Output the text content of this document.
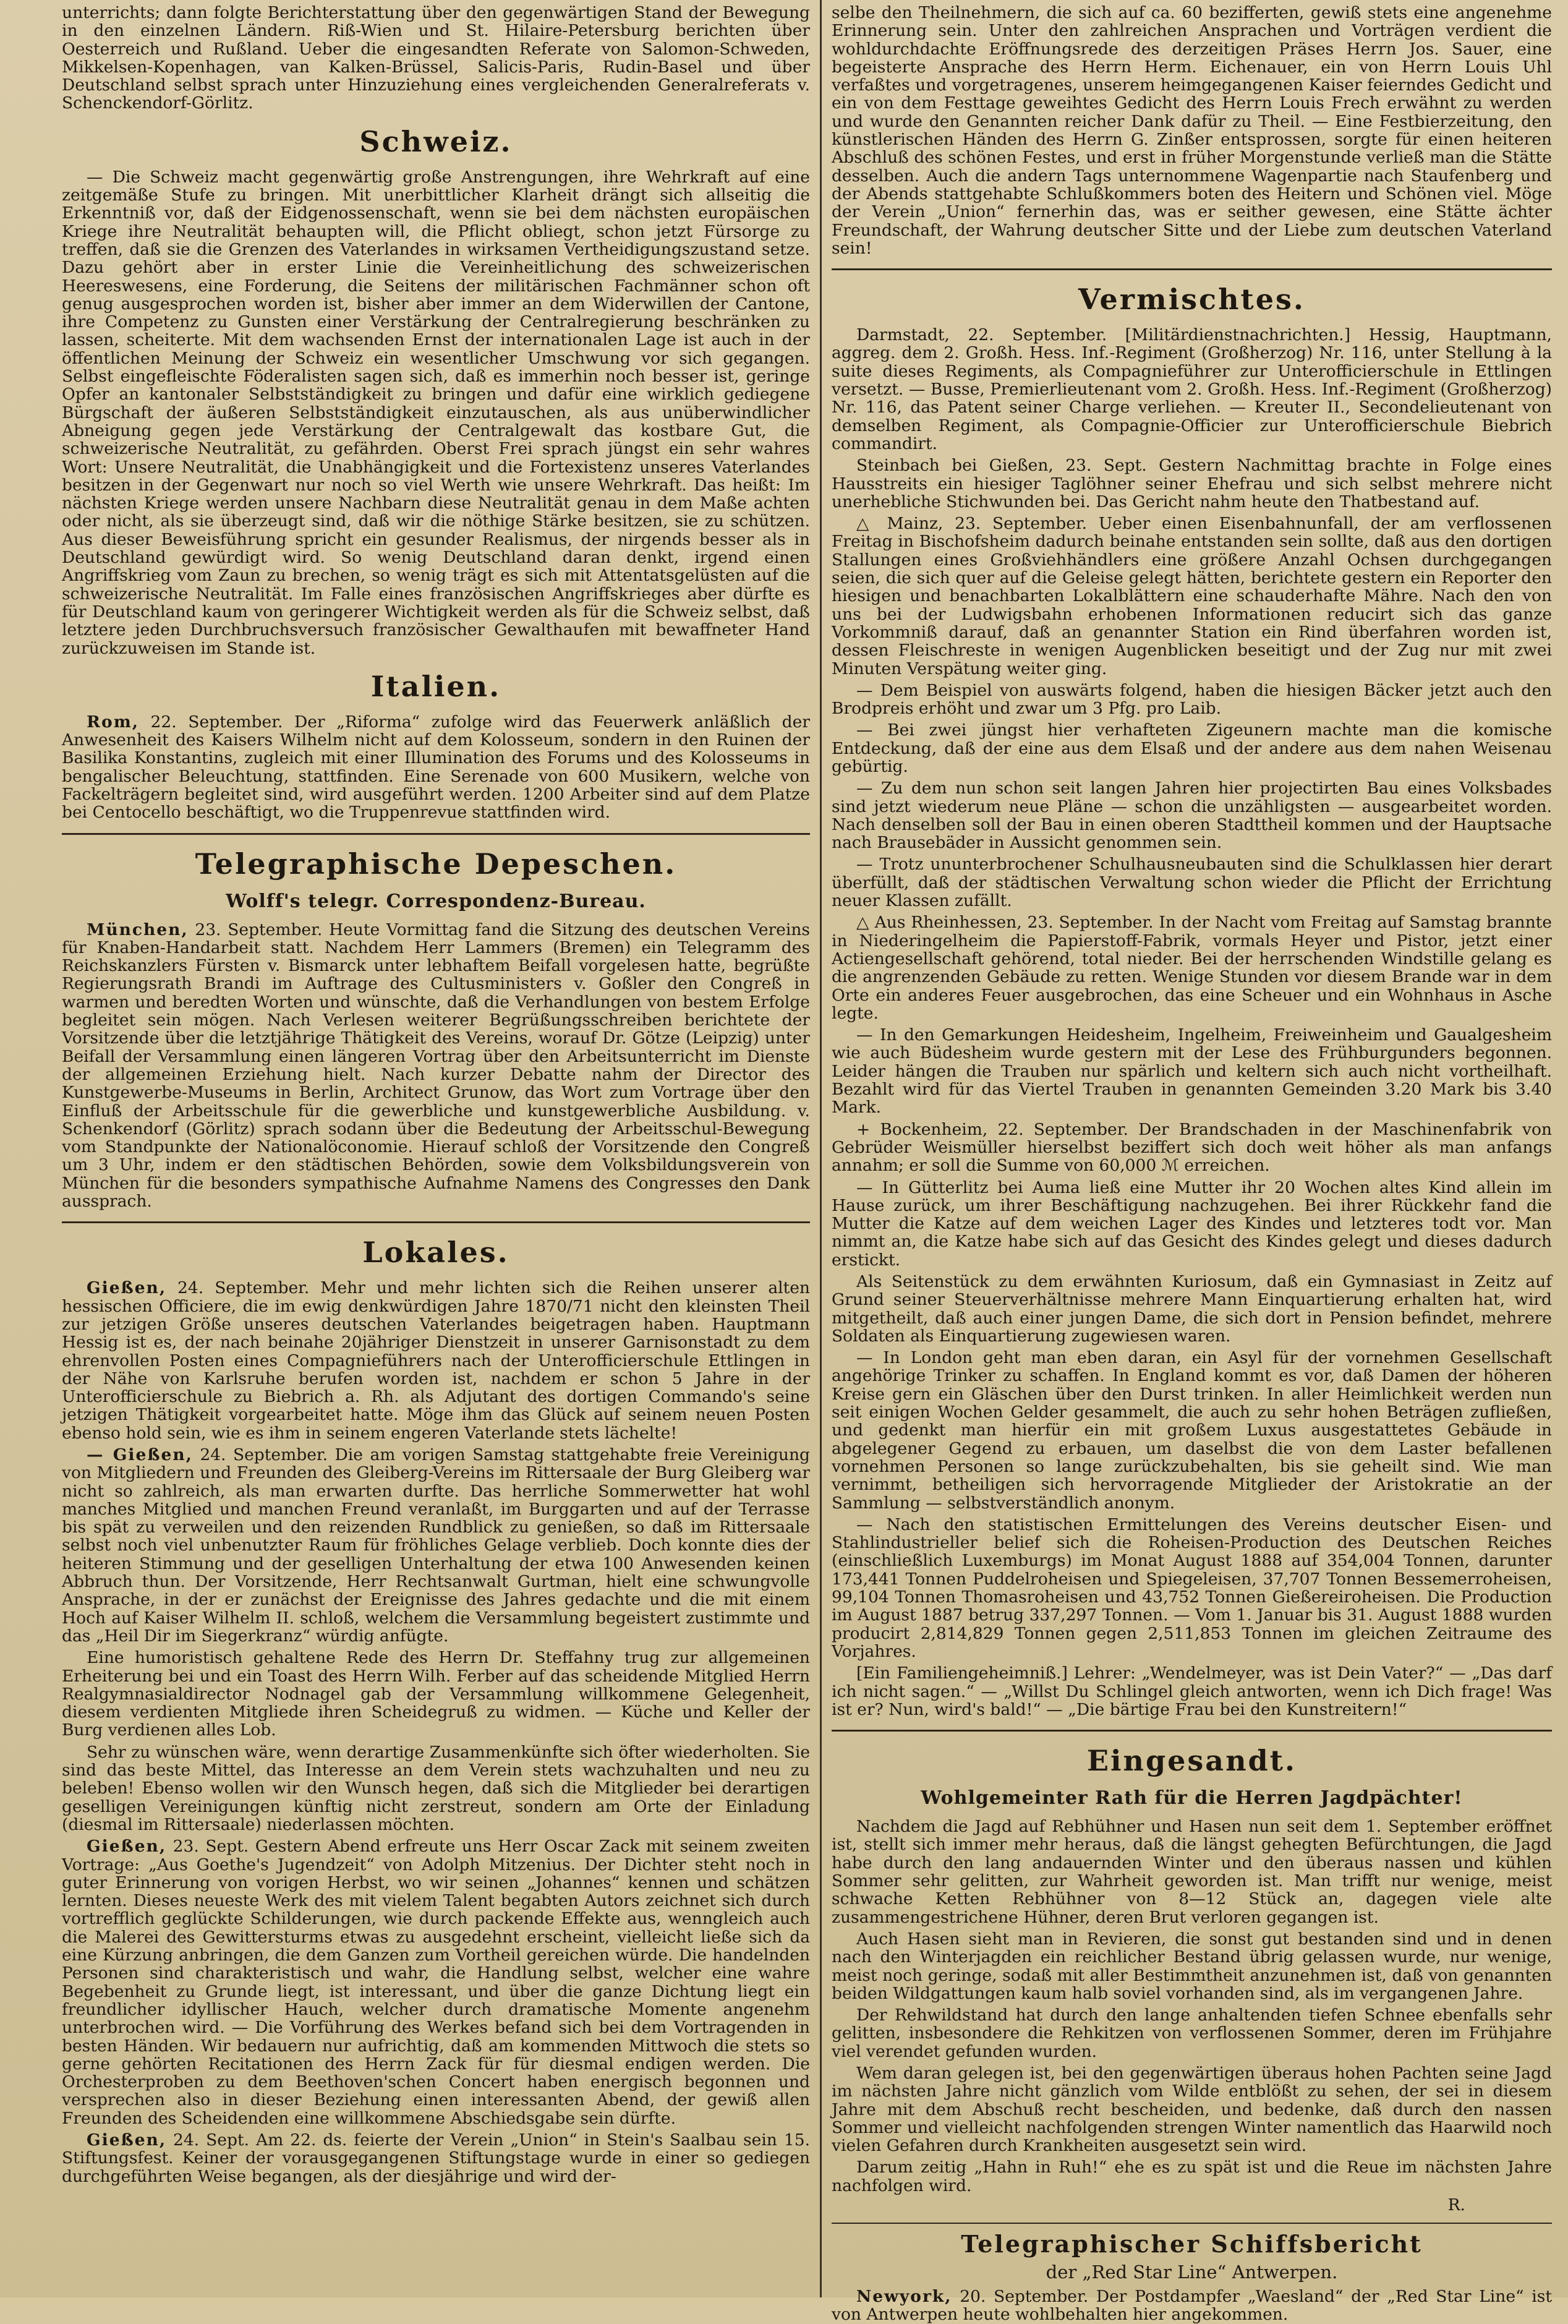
unterrichts; dann folgte Berichterstattung über den gegenwärtigen Stand der Bewegung in den einzelnen Ländern. Riß-Wien und St. Hilaire-Petersburg berichten über Oesterreich und Rußland. Ueber die eingesandten Referate von Salomon-Schweden, Mikkelsen-Kopenhagen, van Kalken-Brüssel, Salicis-Paris, Rudin-Basel und über Deutschland selbst sprach unter Hinzuziehung eines vergleichenden Generalreferats v. Schenckendorf-Görlitz.

Schweiz.

— Die Schweiz macht gegenwärtig große Anstrengungen, ihre Wehrkraft auf eine zeitgemäße Stufe zu bringen. Mit unerbittlicher Klarheit drängt sich allseitig die Erkenntniß vor, daß der Eidgenossenschaft, wenn sie bei dem nächsten europäischen Kriege ihre Neutralität behaupten will, die Pflicht obliegt, schon jetzt Fürsorge zu treffen, daß sie die Grenzen des Vaterlandes in wirksamen Vertheidigungszustand setze. Dazu gehört aber in erster Linie die Vereinheitlichung des schweizerischen Heereswesens, eine Forderung, die Seitens der militärischen Fachmänner schon oft genug ausgesprochen worden ist, bisher aber immer an dem Widerwillen der Cantone, ihre Competenz zu Gunsten einer Verstärkung der Centralregierung beschränken zu lassen, scheiterte. Mit dem wachsenden Ernst der internationalen Lage ist auch in der öffentlichen Meinung der Schweiz ein wesentlicher Umschwung vor sich gegangen. Selbst eingefleischte Föderalisten sagen sich, daß es immerhin noch besser ist, geringe Opfer an kantonaler Selbstständigkeit zu bringen und dafür eine wirklich gediegene Bürgschaft der äußeren Selbstständigkeit einzutauschen, als aus unüberwindlicher Abneigung gegen jede Verstärkung der Centralgewalt das kostbare Gut, die schweizerische Neutralität, zu gefährden. Oberst Frei sprach jüngst ein sehr wahres Wort: Unsere Neutralität, die Unabhängigkeit und die Fortexistenz unseres Vaterlandes besitzen in der Gegenwart nur noch so viel Werth wie unsere Wehrkraft. Das heißt: Im nächsten Kriege werden unsere Nachbarn diese Neutralität genau in dem Maße achten oder nicht, als sie überzeugt sind, daß wir die nöthige Stärke besitzen, sie zu schützen. Aus dieser Beweisführung spricht ein gesunder Realismus, der nirgends besser als in Deutschland gewürdigt wird. So wenig Deutschland daran denkt, irgend einen Angriffskrieg vom Zaun zu brechen, so wenig trägt es sich mit Attentatsgelüsten auf die schweizerische Neutralität. Im Falle eines französischen Angriffskrieges aber dürfte es für Deutschland kaum von geringerer Wichtigkeit werden als für die Schweiz selbst, daß letztere jeden Durchbruchsversuch französischer Gewalthaufen mit bewaffneter Hand zurückzuweisen im Stande ist.

Italien.

Rom, 22. September. Der „Riforma“ zufolge wird das Feuerwerk anläßlich der Anwesenheit des Kaisers Wilhelm nicht auf dem Kolosseum, sondern in den Ruinen der Basilika Konstantins, zugleich mit einer Illumination des Forums und des Kolosseums in bengalischer Beleuchtung, stattfinden. Eine Serenade von 600 Musikern, welche von Fackelträgern begleitet sind, wird ausgeführt werden. 1200 Arbeiter sind auf dem Platze bei Centocello beschäftigt, wo die Truppenrevue stattfinden wird.

Telegraphische Depeschen.
Wolff's telegr. Correspondenz-Bureau.

München, 23. September. Heute Vormittag fand die Sitzung des deutschen Vereins für Knaben-Handarbeit statt. Nachdem Herr Lammers (Bremen) ein Telegramm des Reichskanzlers Fürsten v. Bismarck unter lebhaftem Beifall vorgelesen hatte, begrüßte Regierungsrath Brandi im Auftrage des Cultusministers v. Goßler den Congreß in warmen und beredten Worten und wünschte, daß die Verhandlungen von bestem Erfolge begleitet sein mögen. Nach Verlesen weiterer Begrüßungsschreiben berichtete der Vorsitzende über die letztjährige Thätigkeit des Vereins, worauf Dr. Götze (Leipzig) unter Beifall der Versammlung einen längeren Vortrag über den Arbeitsunterricht im Dienste der allgemeinen Erziehung hielt. Nach kurzer Debatte nahm der Director des Kunstgewerbe-Museums in Berlin, Architect Grunow, das Wort zum Vortrage über den Einfluß der Arbeitsschule für die gewerbliche und kunstgewerbliche Ausbildung. v. Schenkendorf (Görlitz) sprach sodann über die Bedeutung der Arbeitsschul-Bewegung vom Standpunkte der Nationalöconomie. Hierauf schloß der Vorsitzende den Congreß um 3 Uhr, indem er den städtischen Behörden, sowie dem Volksbildungsverein von München für die besonders sympathische Aufnahme Namens des Congresses den Dank aussprach.

Lokales.

Gießen, 24. September. Mehr und mehr lichten sich die Reihen unserer alten hessischen Officiere, die im ewig denkwürdigen Jahre 1870/71 nicht den kleinsten Theil zur jetzigen Größe unseres deutschen Vaterlandes beigetragen haben. Hauptmann Hessig ist es, der nach beinahe 20jähriger Dienstzeit in unserer Garnisonstadt zu dem ehrenvollen Posten eines Compagnieführers nach der Unterofficierschule Ettlingen in der Nähe von Karlsruhe berufen worden ist, nachdem er schon 5 Jahre in der Unterofficierschule zu Biebrich a. Rh. als Adjutant des dortigen Commando's seine jetzigen Thätigkeit vorgearbeitet hatte. Möge ihm das Glück auf seinem neuen Posten ebenso hold sein, wie es ihm in seinem engeren Vaterlande stets lächelte!

— Gießen, 24. September. Die am vorigen Samstag stattgehabte freie Vereinigung von Mitgliedern und Freunden des Gleiberg-Vereins im Rittersaale der Burg Gleiberg war nicht so zahlreich, als man erwarten durfte. Das herrliche Sommerwetter hat wohl manches Mitglied und manchen Freund veranlaßt, im Burggarten und auf der Terrasse bis spät zu verweilen und den reizenden Rundblick zu genießen, so daß im Rittersaale selbst noch viel unbenutzter Raum für fröhliches Gelage verblieb. Doch konnte dies der heiteren Stimmung und der geselligen Unterhaltung der etwa 100 Anwesenden keinen Abbruch thun. Der Vorsitzende, Herr Rechtsanwalt Gurtman, hielt eine schwungvolle Ansprache, in der er zunächst der Ereignisse des Jahres gedachte und die mit einem Hoch auf Kaiser Wilhelm II. schloß, welchem die Versammlung begeistert zustimmte und das „Heil Dir im Siegerkranz“ würdig anfügte.

Eine humoristisch gehaltene Rede des Herrn Dr. Steffahny trug zur allgemeinen Erheiterung bei und ein Toast des Herrn Wilh. Ferber auf das scheidende Mitglied Herrn Realgymnasialdirector Nodnagel gab der Versammlung willkommene Gelegenheit, diesem verdienten Mitgliede ihren Scheidegruß zu widmen. — Küche und Keller der Burg verdienen alles Lob.

Sehr zu wünschen wäre, wenn derartige Zusammenkünfte sich öfter wiederholten. Sie sind das beste Mittel, das Interesse an dem Verein stets wachzuhalten und neu zu beleben! Ebenso wollen wir den Wunsch hegen, daß sich die Mitglieder bei derartigen geselligen Vereinigungen künftig nicht zerstreut, sondern am Orte der Einladung (diesmal im Rittersaale) niederlassen möchten.

Gießen, 23. Sept. Gestern Abend erfreute uns Herr Oscar Zack mit seinem zweiten Vortrage: „Aus Goethe's Jugendzeit“ von Adolph Mitzenius. Der Dichter steht noch in guter Erinnerung von vorigen Herbst, wo wir seinen „Johannes“ kennen und schätzen lernten. Dieses neueste Werk des mit vielem Talent begabten Autors zeichnet sich durch vortrefflich geglückte Schilderungen, wie durch packende Effekte aus, wenngleich auch die Malerei des Gewittersturms etwas zu ausgedehnt erscheint, vielleicht ließe sich da eine Kürzung anbringen, die dem Ganzen zum Vortheil gereichen würde. Die handelnden Personen sind charakteristisch und wahr, die Handlung selbst, welcher eine wahre Begebenheit zu Grunde liegt, ist interessant, und über die ganze Dichtung liegt ein freundlicher idyllischer Hauch, welcher durch dramatische Momente angenehm unterbrochen wird. — Die Vorführung des Werkes befand sich bei dem Vortragenden in besten Händen. Wir bedauern nur aufrichtig, daß am kommenden Mittwoch die stets so gerne gehörten Recitationen des Herrn Zack für für diesmal endigen werden. Die Orchesterproben zu dem Beethoven'schen Concert haben energisch begonnen und versprechen also in dieser Beziehung einen interessanten Abend, der gewiß allen Freunden des Scheidenden eine willkommene Abschiedsgabe sein dürfte.

Gießen, 24. Sept. Am 22. ds. feierte der Verein „Union“ in Stein's Saalbau sein 15. Stiftungsfest. Keiner der vorausgegangenen Stiftungstage wurde in einer so gediegen durchgeführten Weise begangen, als der diesjährige und wird der-

selbe den Theilnehmern, die sich auf ca. 60 bezifferten, gewiß stets eine angenehme Erinnerung sein. Unter den zahlreichen Ansprachen und Vorträgen verdient die wohldurchdachte Eröffnungsrede des derzeitigen Präses Herrn Jos. Sauer, eine begeisterte Ansprache des Herrn Herm. Eichenauer, ein von Herrn Louis Uhl verfaßtes und vorgetragenes, unserem heimgegangenen Kaiser feierndes Gedicht und ein von dem Festtage geweihtes Gedicht des Herrn Louis Frech erwähnt zu werden und wurde den Genannten reicher Dank dafür zu Theil. — Eine Festbierzeitung, den künstlerischen Händen des Herrn G. Zinßer entsprossen, sorgte für einen heiteren Abschluß des schönen Festes, und erst in früher Morgenstunde verließ man die Stätte desselben. Auch die andern Tags unternommene Wagenpartie nach Staufenberg und der Abends stattgehabte Schlußkommers boten des Heitern und Schönen viel. Möge der Verein „Union“ fernerhin das, was er seither gewesen, eine Stätte ächter Freundschaft, der Wahrung deutscher Sitte und der Liebe zum deutschen Vaterland sein!

Vermischtes.

Darmstadt, 22. September. [Militärdienstnachrichten.] Hessig, Hauptmann, aggreg. dem 2. Großh. Hess. Inf.-Regiment (Großherzog) Nr. 116, unter Stellung à la suite dieses Regiments, als Compagnieführer zur Unterofficierschule in Ettlingen versetzt. — Busse, Premierlieutenant vom 2. Großh. Hess. Inf.-Regiment (Großherzog) Nr. 116, das Patent seiner Charge verliehen. — Kreuter II., Secondelieutenant von demselben Regiment, als Compagnie-Officier zur Unterofficierschule Biebrich commandirt.

Steinbach bei Gießen, 23. Sept. Gestern Nachmittag brachte in Folge eines Hausstreits ein hiesiger Taglöhner seiner Ehefrau und sich selbst mehrere nicht unerhebliche Stichwunden bei. Das Gericht nahm heute den Thatbestand auf.

△ Mainz, 23. September. Ueber einen Eisenbahnunfall, der am verflossenen Freitag in Bischofsheim dadurch beinahe entstanden sein sollte, daß aus den dortigen Stallungen eines Großviehhändlers eine größere Anzahl Ochsen durchgegangen seien, die sich quer auf die Geleise gelegt hätten, berichtete gestern ein Reporter den hiesigen und benachbarten Lokalblättern eine schauderhafte Mähre. Nach den von uns bei der Ludwigsbahn erhobenen Informationen reducirt sich das ganze Vorkommniß darauf, daß an genannter Station ein Rind überfahren worden ist, dessen Fleischreste in wenigen Augenblicken beseitigt und der Zug nur mit zwei Minuten Verspätung weiter ging.

— Dem Beispiel von auswärts folgend, haben die hiesigen Bäcker jetzt auch den Brodpreis erhöht und zwar um 3 Pfg. pro Laib.

— Bei zwei jüngst hier verhafteten Zigeunern machte man die komische Entdeckung, daß der eine aus dem Elsaß und der andere aus dem nahen Weisenau gebürtig.

— Zu dem nun schon seit langen Jahren hier projectirten Bau eines Volksbades sind jetzt wiederum neue Pläne — schon die unzähligsten — ausgearbeitet worden. Nach denselben soll der Bau in einen oberen Stadttheil kommen und der Hauptsache nach Brausebäder in Aussicht genommen sein.

— Trotz ununterbrochener Schulhausneubauten sind die Schulklassen hier derart überfüllt, daß der städtischen Verwaltung schon wieder die Pflicht der Errichtung neuer Klassen zufällt.

△ Aus Rheinhessen, 23. September. In der Nacht vom Freitag auf Samstag brannte in Niederingelheim die Papierstoff-Fabrik, vormals Heyer und Pistor, jetzt einer Actiengesellschaft gehörend, total nieder. Bei der herrschenden Windstille gelang es die angrenzenden Gebäude zu retten. Wenige Stunden vor diesem Brande war in dem Orte ein anderes Feuer ausgebrochen, das eine Scheuer und ein Wohnhaus in Asche legte.

— In den Gemarkungen Heidesheim, Ingelheim, Freiweinheim und Gaualgesheim wie auch Büdesheim wurde gestern mit der Lese des Frühburgunders begonnen. Leider hängen die Trauben nur spärlich und keltern sich auch nicht vortheilhaft. Bezahlt wird für das Viertel Trauben in genannten Gemeinden 3.20 Mark bis 3.40 Mark.

+ Bockenheim, 22. September. Der Brandschaden in der Maschinenfabrik von Gebrüder Weismüller hierselbst beziffert sich doch weit höher als man anfangs annahm; er soll die Summe von 60,000 ℳ erreichen.

— In Gütterlitz bei Auma ließ eine Mutter ihr 20 Wochen altes Kind allein im Hause zurück, um ihrer Beschäftigung nachzugehen. Bei ihrer Rückkehr fand die Mutter die Katze auf dem weichen Lager des Kindes und letzteres todt vor. Man nimmt an, die Katze habe sich auf das Gesicht des Kindes gelegt und dieses dadurch erstickt.

Als Seitenstück zu dem erwähnten Kuriosum, daß ein Gymnasiast in Zeitz auf Grund seiner Steuerverhältnisse mehrere Mann Einquartierung erhalten hat, wird mitgetheilt, daß auch einer jungen Dame, die sich dort in Pension befindet, mehrere Soldaten als Einquartierung zugewiesen waren.

— In London geht man eben daran, ein Asyl für der vornehmen Gesellschaft angehörige Trinker zu schaffen. In England kommt es vor, daß Damen der höheren Kreise gern ein Gläschen über den Durst trinken. In aller Heimlichkeit werden nun seit einigen Wochen Gelder gesammelt, die auch zu sehr hohen Beträgen zufließen, und gedenkt man hierfür ein mit großem Luxus ausgestattetes Gebäude in abgelegener Gegend zu erbauen, um daselbst die von dem Laster befallenen vornehmen Personen so lange zurückzubehalten, bis sie geheilt sind. Wie man vernimmt, betheiligen sich hervorragende Mitglieder der Aristokratie an der Sammlung — selbstverständlich anonym.

— Nach den statistischen Ermittelungen des Vereins deutscher Eisen- und Stahlindustrieller belief sich die Roheisen-Production des Deutschen Reiches (einschließlich Luxemburgs) im Monat August 1888 auf 354,004 Tonnen, darunter 173,441 Tonnen Puddelroheisen und Spiegeleisen, 37,707 Tonnen Bessemerroheisen, 99,104 Tonnen Thomasroheisen und 43,752 Tonnen Gießereiroheisen. Die Production im August 1887 betrug 337,297 Tonnen. — Vom 1. Januar bis 31. August 1888 wurden producirt 2,814,829 Tonnen gegen 2,511,853 Tonnen im gleichen Zeitraume des Vorjahres.

[Ein Familiengeheimniß.] Lehrer: „Wendelmeyer, was ist Dein Vater?“ — „Das darf ich nicht sagen.“ — „Willst Du Schlingel gleich antworten, wenn ich Dich frage! Was ist er? Nun, wird's bald!“ — „Die bärtige Frau bei den Kunstreitern!“

Eingesandt.
Wohlgemeinter Rath für die Herren Jagdpächter!

Nachdem die Jagd auf Rebhühner und Hasen nun seit dem 1. September eröffnet ist, stellt sich immer mehr heraus, daß die längst gehegten Befürchtungen, die Jagd habe durch den lang andauernden Winter und den überaus nassen und kühlen Sommer sehr gelitten, zur Wahrheit geworden ist. Man trifft nur wenige, meist schwache Ketten Rebhühner von 8—12 Stück an, dagegen viele alte zusammengestrichene Hühner, deren Brut verloren gegangen ist.

Auch Hasen sieht man in Revieren, die sonst gut bestanden sind und in denen nach den Winterjagden ein reichlicher Bestand übrig gelassen wurde, nur wenige, meist noch geringe, sodaß mit aller Bestimmtheit anzunehmen ist, daß von genannten beiden Wildgattungen kaum halb soviel vorhanden sind, als im vergangenen Jahre.

Der Rehwildstand hat durch den lange anhaltenden tiefen Schnee ebenfalls sehr gelitten, insbesondere die Rehkitzen von verflossenen Sommer, deren im Frühjahre viel verendet gefunden wurden.

Wem daran gelegen ist, bei den gegenwärtigen überaus hohen Pachten seine Jagd im nächsten Jahre nicht gänzlich vom Wilde entblößt zu sehen, der sei in diesem Jahre mit dem Abschuß recht bescheiden, und bedenke, daß durch den nassen Sommer und vielleicht nachfolgenden strengen Winter namentlich das Haarwild noch vielen Gefahren durch Krankheiten ausgesetzt sein wird.

Darum zeitig „Hahn in Ruh!“ ehe es zu spät ist und die Reue im nächsten Jahre nachfolgen wird.

R.
Telegraphischer Schiffsbericht
der „Red Star Line“ Antwerpen.

Newyork, 20. September. Der Postdampfer „Waesland“ der „Red Star Line“ ist von Antwerpen heute wohlbehalten hier angekommen.
